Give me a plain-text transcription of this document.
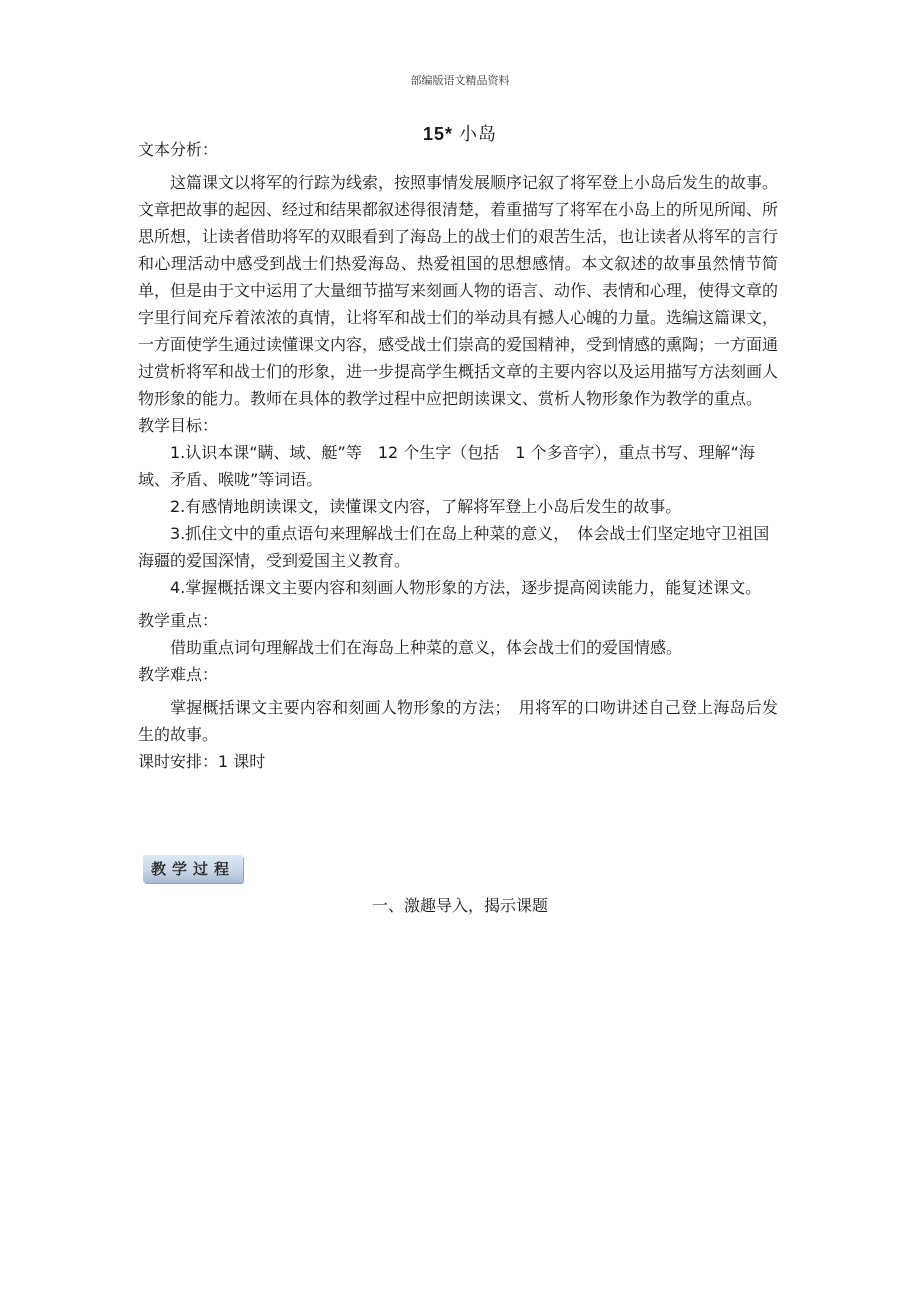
部编版语文精品资料
15* 小岛

文本分析：

这篇课文以将军的行踪为线索，按照事情发展顺序记叙了将军登上小岛后发生的故事。文章把故事的起因、经过和结果都叙述得很清楚，着重描写了将军在小岛上的所见所闻、所思所想，让读者借助将军的双眼看到了海岛上的战士们的艰苦生活，也让读者从将军的言行和心理活动中感受到战士们热爱海岛、热爱祖国的思想感情。本文叙述的故事虽然情节简单，但是由于文中运用了大量细节描写来刻画人物的语言、动作、表情和心理，使得文章的字里行间充斥着浓浓的真情，让将军和战士们的举动具有撼人心魄的力量。选编这篇课文，一方面使学生通过读懂课文内容，感受战士们崇高的爱国精神，受到情感的熏陶；一方面通过赏析将军和战士们的形象，进一步提高学生概括文章的主要内容以及运用描写方法刻画人物形象的能力。教师在具体的教学过程中应把朗读课文、赏析人物形象作为教学的重点。

教学目标：

1.认识本课“瞒、域、艇”等　12 个生字（包括　1 个多音字），重点书写、理解“海域、矛盾、喉咙”等词语。

2.有感情地朗读课文，读懂课文内容，了解将军登上小岛后发生的故事。

3.抓住文中的重点语句来理解战士们在岛上种菜的意义，　体会战士们坚定地守卫祖国海疆的爱国深情，受到爱国主义教育。

4.掌握概括课文主要内容和刻画人物形象的方法，逐步提高阅读能力，能复述课文。

教学重点：

借助重点词句理解战士们在海岛上种菜的意义，体会战士们的爱国情感。

教学难点：

掌握概括课文主要内容和刻画人物形象的方法；　用将军的口吻讲述自己登上海岛后发生的故事。

课时安排：1 课时

教学过程
一、激趣导入，揭示课题
